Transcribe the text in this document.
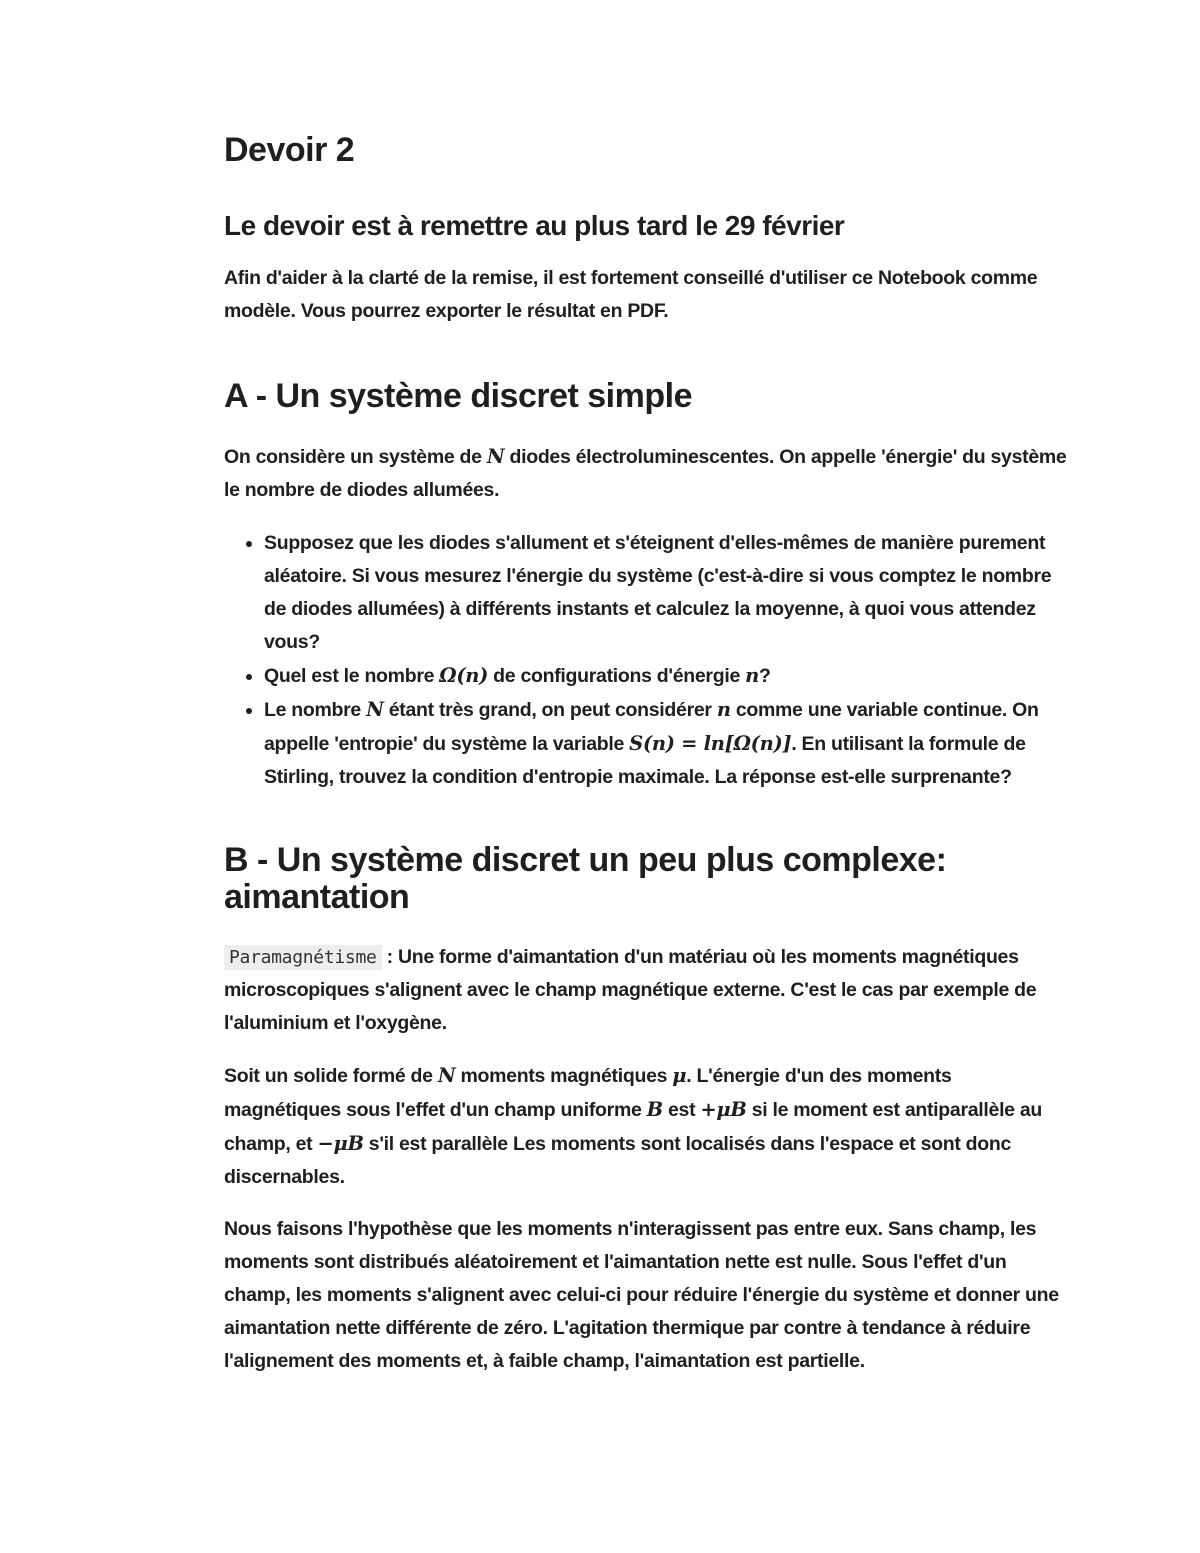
Devoir 2
Le devoir est à remettre au plus tard le 29 février

Afin d'aider à la clarté de la remise, il est fortement conseillé d'utiliser ce Notebook comme modèle. Vous pourrez exporter le résultat en PDF.

A - Un système discret simple

On considère un système de N diodes électroluminescentes. On appelle 'énergie' du système le nombre de diodes allumées.

• Supposez que les diodes s'allument et s'éteignent d'elles-mêmes de manière purement aléatoire. Si vous mesurez l'énergie du système (c'est-à-dire si vous comptez le nombre de diodes allumées) à différents instants et calculez la moyenne, à quoi vous attendez vous?
• Quel est le nombre Ω(n) de configurations d'énergie n?
• Le nombre N étant très grand, on peut considérer n comme une variable continue. On appelle 'entropie' du système la variable S(n) = ln[Ω(n)]. En utilisant la formule de Stirling, trouvez la condition d'entropie maximale. La réponse est-elle surprenante?
B - Un système discret un peu plus complexe: aimantation

Paramagnétisme : Une forme d'aimantation d'un matériau où les moments magnétiques microscopiques s'alignent avec le champ magnétique externe. C'est le cas par exemple de l'aluminium et l'oxygène.

Soit un solide formé de N moments magnétiques μ. L'énergie d'un des moments magnétiques sous l'effet d'un champ uniforme B est +μB si le moment est antiparallèle au champ, et −μB s'il est parallèle Les moments sont localisés dans l'espace et sont donc discernables.

Nous faisons l'hypothèse que les moments n'interagissent pas entre eux. Sans champ, les moments sont distribués aléatoirement et l'aimantation nette est nulle. Sous l'effet d'un champ, les moments s'alignent avec celui-ci pour réduire l'énergie du système et donner une aimantation nette différente de zéro. L'agitation thermique par contre à tendance à réduire l'alignement des moments et, à faible champ, l'aimantation est partielle.
